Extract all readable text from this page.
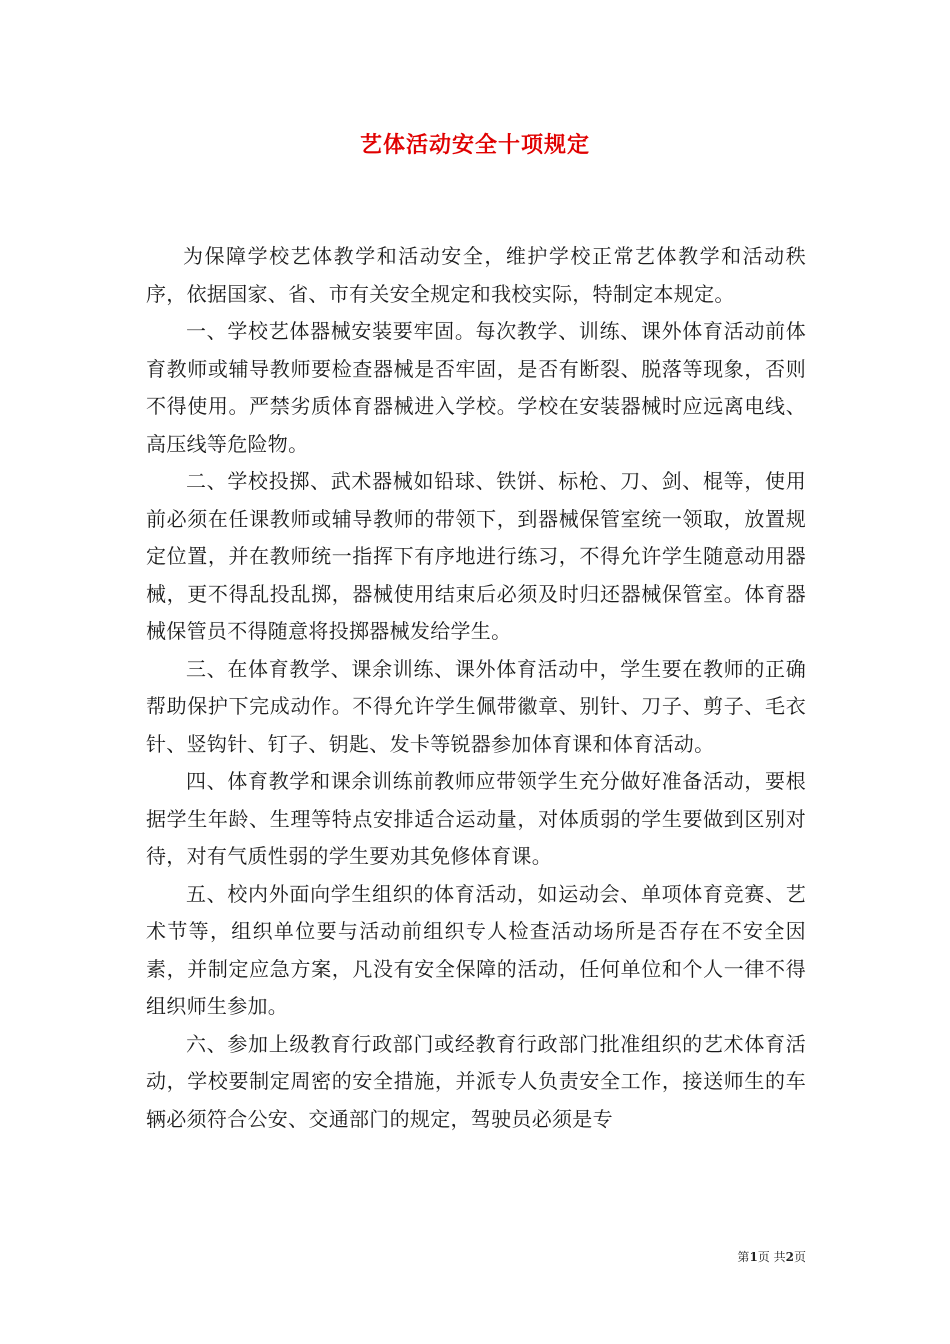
艺体活动安全十项规定

为保障学校艺体教学和活动安全，维护学校正常艺体教学和活动秩序，依据国家、省、市有关安全规定和我校实际，特制定本规定。

一、学校艺体器械安装要牢固。每次教学、训练、课外体育活动前体育教师或辅导教师要检查器械是否牢固，是否有断裂、脱落等现象，否则不得使用。严禁劣质体育器械进入学校。学校在安装器械时应远离电线、高压线等危险物。

二、学校投掷、武术器械如铅球、铁饼、标枪、刀、剑、棍等，使用前必须在任课教师或辅导教师的带领下，到器械保管室统一领取，放置规定位置，并在教师统一指挥下有序地进行练习，不得允许学生随意动用器械，更不得乱投乱掷，器械使用结束后必须及时归还器械保管室。体育器械保管员不得随意将投掷器械发给学生。

三、在体育教学、课余训练、课外体育活动中，学生要在教师的正确帮助保护下完成动作。不得允许学生佩带徽章、别针、刀子、剪子、毛衣针、竖钩针、钉子、钥匙、发卡等锐器参加体育课和体育活动。

四、体育教学和课余训练前教师应带领学生充分做好准备活动，要根据学生年龄、生理等特点安排适合运动量，对体质弱的学生要做到区别对待，对有气质性弱的学生要劝其免修体育课。

五、校内外面向学生组织的体育活动，如运动会、单项体育竞赛、艺术节等，组织单位要与活动前组织专人检查活动场所是否存在不安全因素，并制定应急方案，凡没有安全保障的活动，任何单位和个人一律不得组织师生参加。

六、参加上级教育行政部门或经教育行政部门批准组织的艺术体育活动，学校要制定周密的安全措施，并派专人负责安全工作，接送师生的车辆必须符合公安、交通部门的规定，驾驶员必须是专

第1页 共2页
